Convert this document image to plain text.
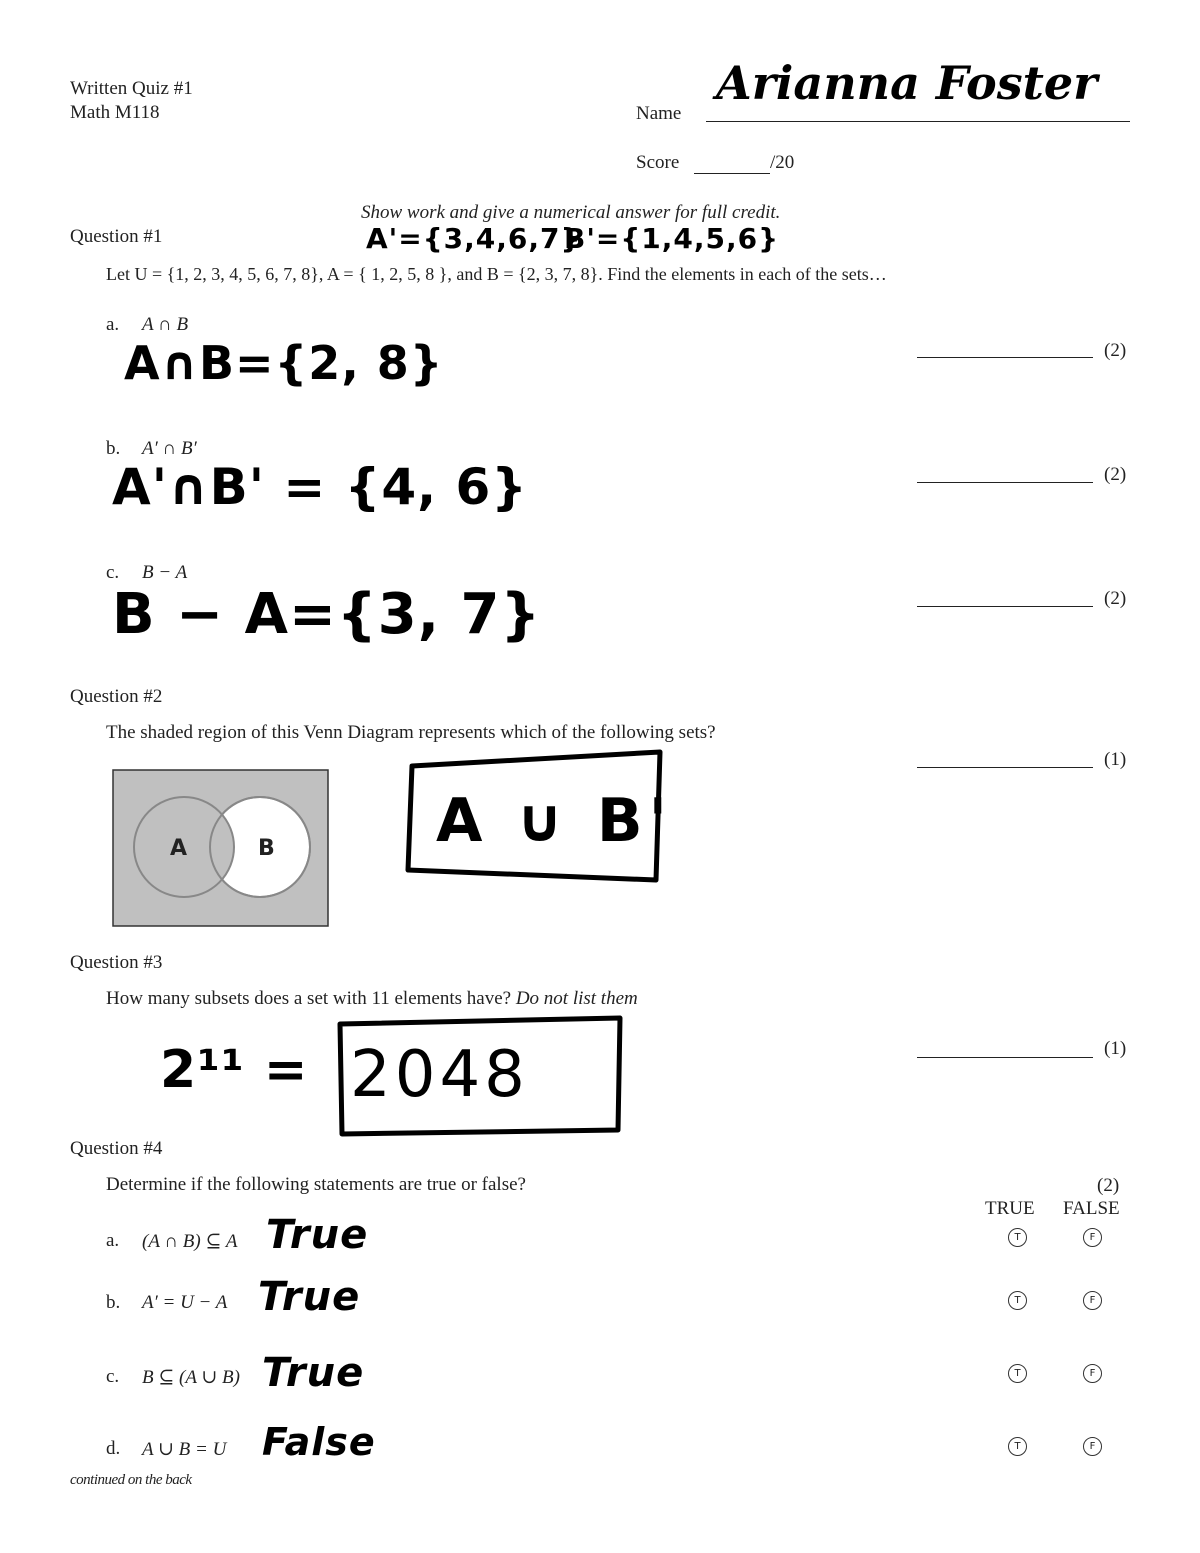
Written Quiz #1
Math M118	Name
Arianna Foster
Score	/20
Show work and give a numerical answer for full credit.
Question #1	A'={3,4,6,7}
B'={1,4,5,6}
Let U = {1, 2, 3, 4, 5, 6, 7, 8}, A = { 1, 2, 5, 8 }, and B = {2, 3, 7, 8}. Find the elements in each of the sets…
a. A ∩ B
A∩B={2, 8}	(2)
b. A′ ∩ B′
A'∩B' = {4, 6}	(2)
c. B − A
B − A={3, 7}	(2)
Question #2
The shaded region of this Venn Diagram represents which of the following sets?
(1)
A	B	A ∪ B'
Question #3
How many subsets does a set with 11 elements have? Do not list them
2¹¹ = 2048	(1)
Question #4
Determine if the following statements are true or false?	(2)
TRUE FALSE
a. (A ∩ B) ⊆ A True	T	F
b. A′ = U − A True	T	F
c. B ⊆ (A ∪ B) True	T	F
d. A ∪ B = U False	T	F
continued on the back
